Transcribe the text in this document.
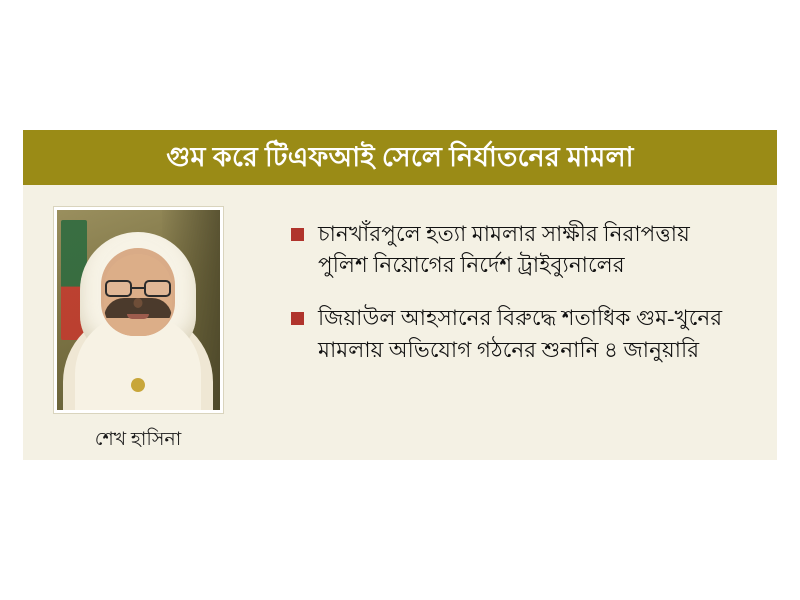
গুম করে টিএফআই সেলে নির্যাতনের মামলা
শেখ হাসিনা
চানখাঁরপুলে হত্যা মামলার সাক্ষীর নিরাপত্তায় পুলিশ নিয়োগের নির্দেশ ট্রাইব্যুনালের
জিয়াউল আহসানের বিরুদ্ধে শতাধিক গুম-খুনের মামলায় অভিযোগ গঠনের শুনানি ৪ জানুয়ারি
